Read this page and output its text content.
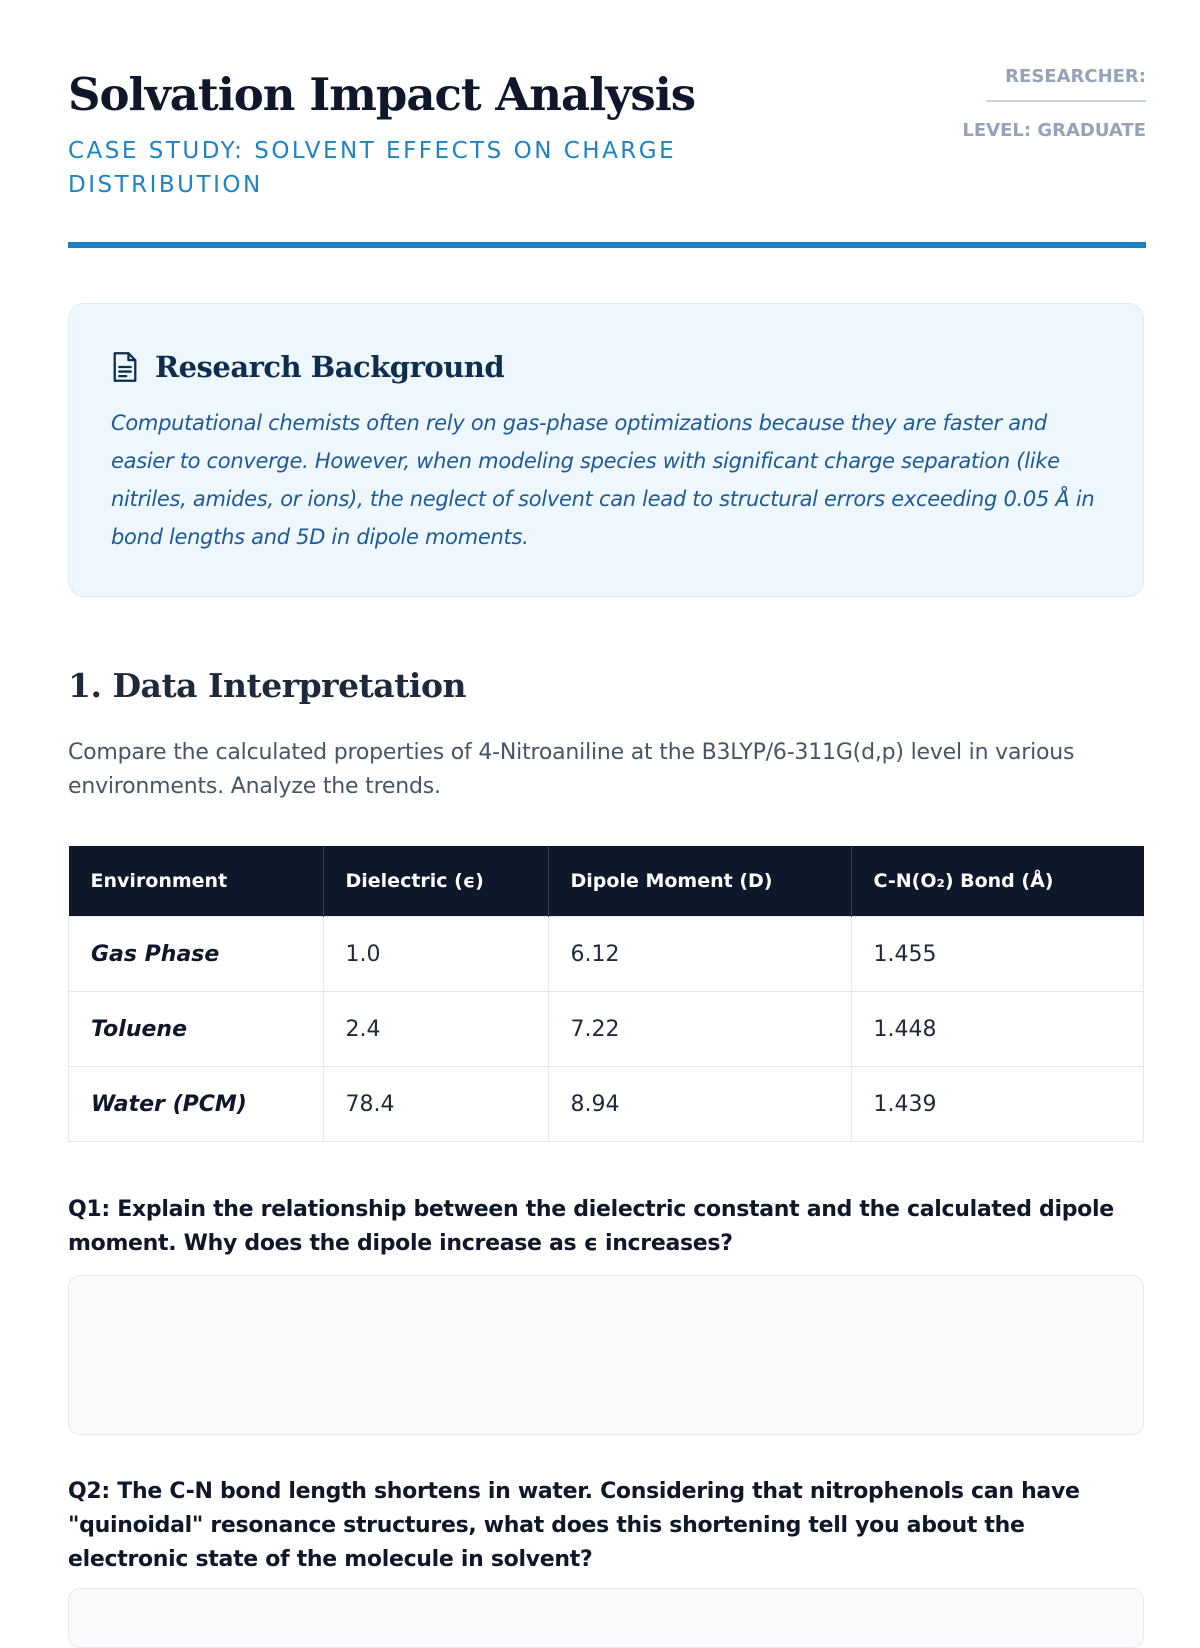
Solvation Impact Analysis

CASE STUDY: SOLVENT EFFECTS ON CHARGE DISTRIBUTION

RESEARCHER:
LEVEL: GRADUATE
Research Background

Computational chemists often rely on gas-phase optimizations because they are faster and easier to converge. However, when modeling species with significant charge separation (like nitriles, amides, or ions), the neglect of solvent can lead to structural errors exceeding 0.05 Å in bond lengths and 5D in dipole moments.

1. Data Interpretation

Compare the calculated properties of 4-Nitroaniline at the B3LYP/6-311G(d,p) level in various environments. Analyze the trends.

Environment	Dielectric (ϵ)	Dipole Moment (D)	C-N(O₂) Bond (Å)
Gas Phase	1.0	6.12	1.455
Toluene	2.4	7.22	1.448
Water (PCM)	78.4	8.94	1.439

Q1: Explain the relationship between the dielectric constant and the calculated dipole moment. Why does the dipole increase as ϵ increases?

Q2: The C-N bond length shortens in water. Considering that nitrophenols can have "quinoidal" resonance structures, what does this shortening tell you about the electronic state of the molecule in solvent?
